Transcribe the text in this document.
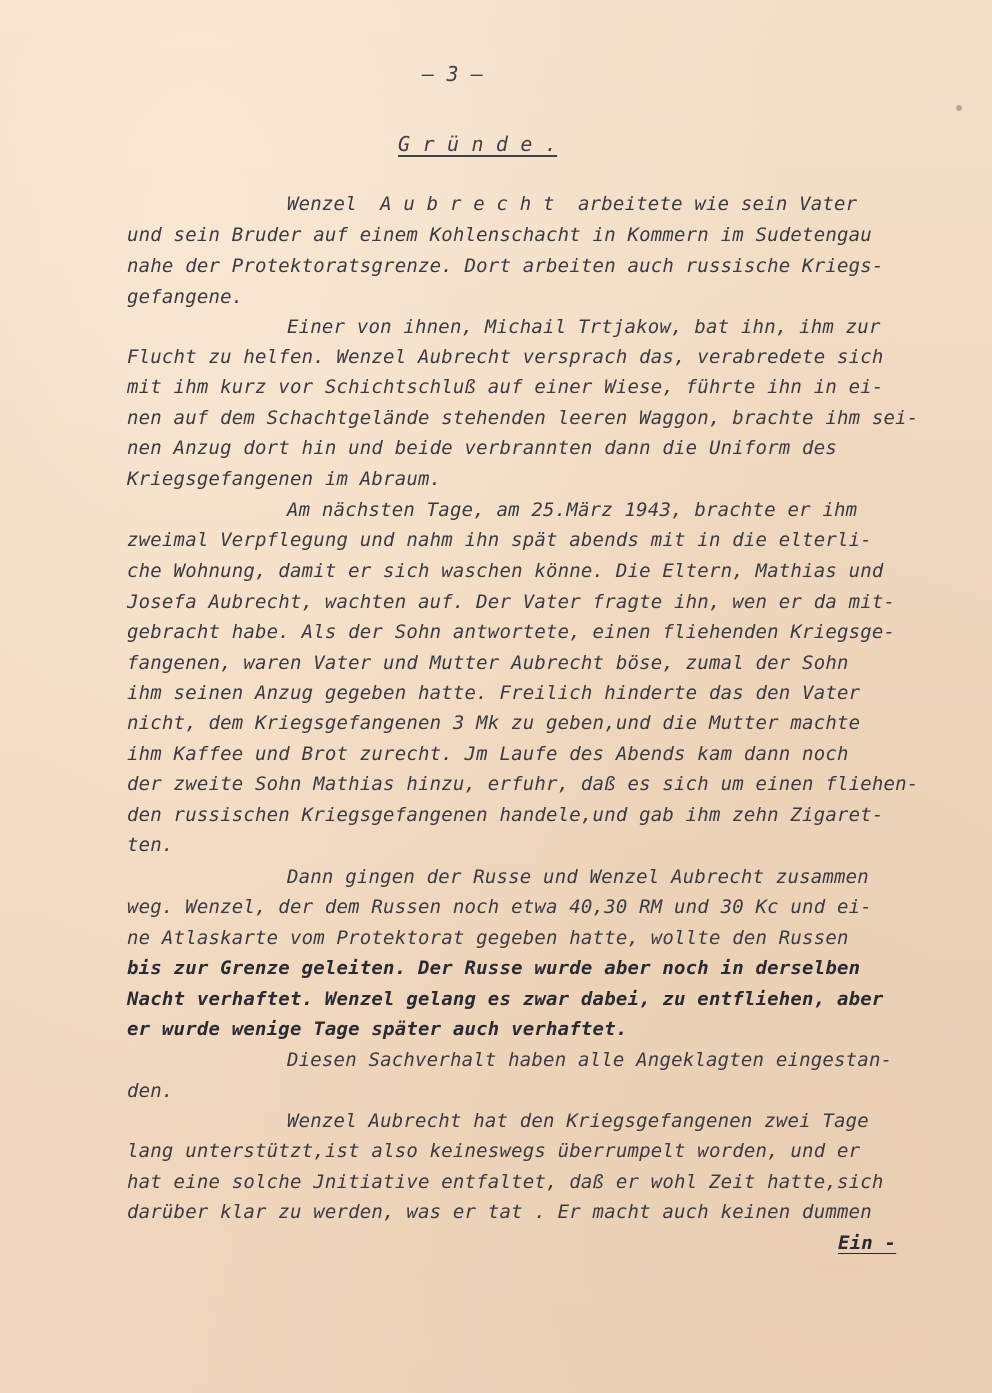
– 3 –
G r ü n d e .
Wenzel  A u b r e c h t  arbeitete wie sein Vater
und sein Bruder auf einem Kohlenschacht in Kommern im Sudetengau
nahe der Protektoratsgrenze. Dort arbeiten auch russische Kriegs-
gefangene.
Einer von ihnen, Michail Trtjakow, bat ihn, ihm zur
Flucht zu helfen. Wenzel Aubrecht versprach das, verabredete sich
mit ihm kurz vor Schichtschluß auf einer Wiese, führte ihn in ei-
nen auf dem Schachtgelände stehenden leeren Waggon, brachte ihm sei-
nen Anzug dort hin und beide verbrannten dann die Uniform des
Kriegsgefangenen im Abraum.
Am nächsten Tage, am 25.März 1943, brachte er ihm
zweimal Verpflegung und nahm ihn spät abends mit in die elterli-
che Wohnung, damit er sich waschen könne. Die Eltern, Mathias und
Josefa Aubrecht, wachten auf. Der Vater fragte ihn, wen er da mit-
gebracht habe. Als der Sohn antwortete, einen fliehenden Kriegsge-
fangenen, waren Vater und Mutter Aubrecht böse, zumal der Sohn
ihm seinen Anzug gegeben hatte. Freilich hinderte das den Vater
nicht, dem Kriegsgefangenen 3 Mk zu geben,und die Mutter machte
ihm Kaffee und Brot zurecht. Jm Laufe des Abends kam dann noch
der zweite Sohn Mathias hinzu, erfuhr, daß es sich um einen fliehen-
den russischen Kriegsgefangenen handele,und gab ihm zehn Zigaret-
ten.
Dann gingen der Russe und Wenzel Aubrecht zusammen
weg. Wenzel, der dem Russen noch etwa 40,30 RM und 30 Kc und ei-
ne Atlaskarte vom Protektorat gegeben hatte, wollte den Russen
bis zur Grenze geleiten. Der Russe wurde aber noch in derselben
Nacht verhaftet. Wenzel gelang es zwar dabei, zu entfliehen, aber
er wurde wenige Tage später auch verhaftet.
Diesen Sachverhalt haben alle Angeklagten eingestan-
den.
Wenzel Aubrecht hat den Kriegsgefangenen zwei Tage
lang unterstützt,ist also keineswegs überrumpelt worden, und er
hat eine solche Jnitiative entfaltet, daß er wohl Zeit hatte,sich
darüber klar zu werden, was er tat . Er macht auch keinen dummen
Ein -
